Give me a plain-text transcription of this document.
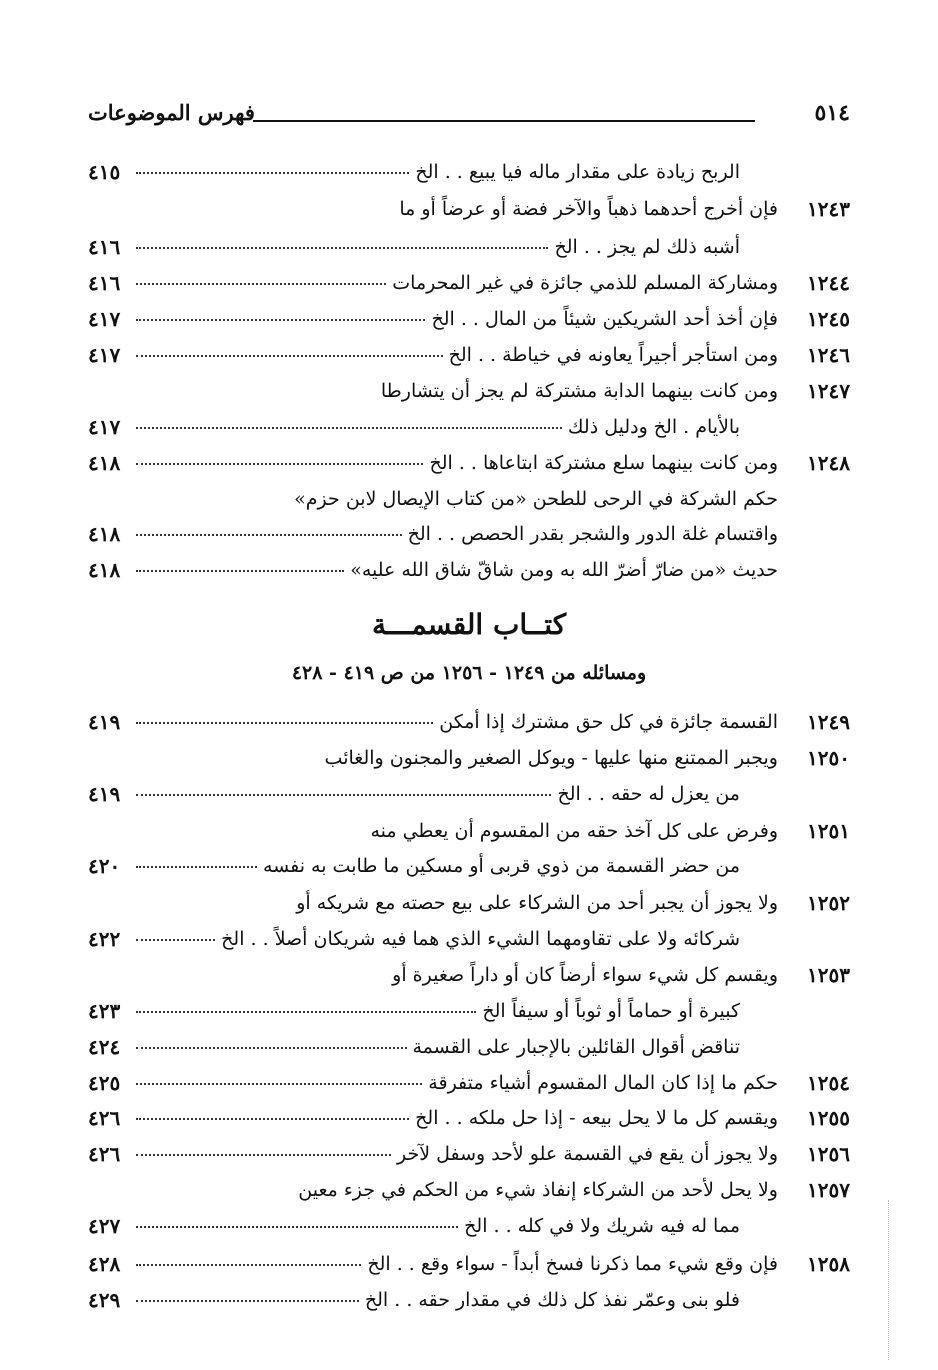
٥١٤
فهرس الموضوعات
الربح زيادة على مقدار ماله فيا يبيع . . الخ
٤١٥
١٢٤٣
فإن أخرج أحدهما ذهباً والآخر فضة أو عرضاً أو ما
أشبه ذلك لم يجز . . الخ
٤١٦
١٢٤٤
ومشاركة المسلم للذمي جائزة في غير المحرمات
٤١٦
١٢٤٥
فإن أخذ أحد الشريكين شيئاً من المال . . الخ
٤١٧
١٢٤٦
ومن استأجر أجيراً يعاونه في خياطة . . الخ
٤١٧
١٢٤٧
ومن كانت بينهما الدابة مشتركة لم يجز أن يتشارطا
بالأيام . الخ ودليل ذلك
٤١٧
١٢٤٨
ومن كانت بينهما سلع مشتركة ابتاعاها . . الخ
٤١٨
حكم الشركة في الرحى للطحن «من كتاب الإيصال لابن حزم»
واقتسام غلة الدور والشجر بقدر الحصص . . الخ
٤١٨
حديث «من ضارّ أضرّ الله به ومن شاقّ شاق الله عليه»
٤١٨
١٢٤٩
القسمة جائزة في كل حق مشترك إذا أمكن
٤١٩
١٢٥٠
ويجبر الممتنع منها عليها - ويوكل الصغير والمجنون والغائب
من يعزل له حقه . . الخ
٤١٩
١٢٥١
وفرض على كل آخذ حقه من المقسوم أن يعطي منه
من حضر القسمة من ذوي قربى أو مسكين ما طابت به نفسه
٤٢٠
١٢٥٢
ولا يجوز أن يجبر أحد من الشركاء على بيع حصته مع شريكه أو
شركائه ولا على تقاومهما الشيء الذي هما فيه شريكان أصلاً . . الخ
٤٢٢
١٢٥٣
ويقسم كل شيء سواء أرضاً كان أو داراً صغيرة أو
كبيرة أو حماماً أو ثوباً أو سيفاً الخ
٤٢٣
تناقض أقوال القائلين بالإجبار على القسمة
٤٢٤
١٢٥٤
حكم ما إذا كان المال المقسوم أشياء متفرقة
٤٢٥
١٢٥٥
ويقسم كل ما لا يحل بيعه - إذا حل ملكه . . الخ
٤٢٦
١٢٥٦
ولا يجوز أن يقع في القسمة علو لأحد وسفل لآخر
٤٢٦
١٢٥٧
ولا يحل لأحد من الشركاء إنفاذ شيء من الحكم في جزء معين
مما له فيه شريك ولا في كله . . الخ
٤٢٧
١٢٥٨
فإن وقع شيء مما ذكرنا فسخ أبداً - سواء وقع . . الخ
٤٢٨
فلو بنى وعمّر نفذ كل ذلك في مقدار حقه . . الخ
٤٢٩
كتــاب القسمـــة
ومسائله من ١٢٤٩ - ١٢٥٦ من ص ٤١٩ - ٤٢٨
